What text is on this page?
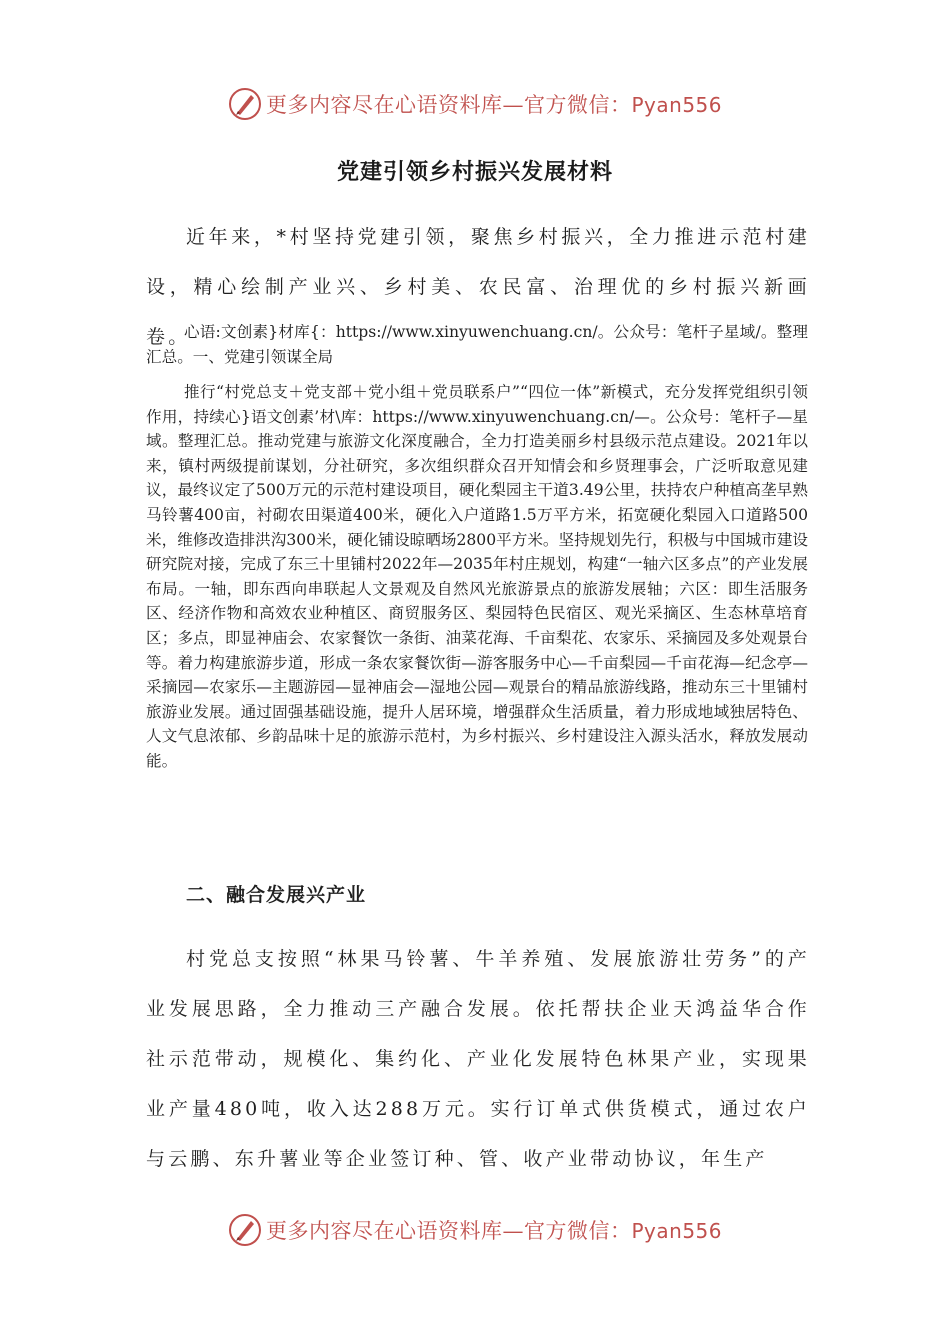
更多内容尽在心语资料库—官方微信：Pyan556
党建引领乡村振兴发展材料

近年来，*村坚持党建引领，聚焦乡村振兴，全力推进示范村建设，精心绘制产业兴、乡村美、农民富、治理优的乡村振兴新画卷。

心语:文创素}材库{：https://www.xinyuwenchuang.cn/。公众号：笔杆子星域/。整理汇总。一、党建引领谋全局

推行“村党总支＋党支部＋党小组＋党员联系户”“四位一体”新模式，充分发挥党组织引领作用，持续心}语文创素’材\库：https://www.xinyuwenchuang.cn/—。公众号：笔杆子—星域。整理汇总。推动党建与旅游文化深度融合，全力打造美丽乡村县级示范点建设。2021年以来，镇村两级提前谋划，分社研究，多次组织群众召开知情会和乡贤理事会，广泛听取意见建议，最终议定了500万元的示范村建设项目，硬化梨园主干道3.49公里，扶持农户种植高垄早熟马铃薯400亩，衬砌农田渠道400米，硬化入户道路1.5万平方米，拓宽硬化梨园入口道路500米，维修改造排洪沟300米，硬化铺设晾晒场2800平方米。坚持规划先行，积极与中国城市建设研究院对接，完成了东三十里铺村2022年—2035年村庄规划，构建“一轴六区多点”的产业发展布局。一轴，即东西向串联起人文景观及自然风光旅游景点的旅游发展轴；六区：即生活服务区、经济作物和高效农业种植区、商贸服务区、梨园特色民宿区、观光采摘区、生态林草培育区；多点，即显神庙会、农家餐饮一条街、油菜花海、千亩梨花、农家乐、采摘园及多处观景台等。着力构建旅游步道，形成一条农家餐饮街—游客服务中心—千亩梨园—千亩花海—纪念亭—采摘园—农家乐—主题游园—显神庙会—湿地公园—观景台的精品旅游线路，推动东三十里铺村旅游业发展。通过固强基础设施，提升人居环境，增强群众生活质量，着力形成地域独居特色、人文气息浓郁、乡韵品味十足的旅游示范村，为乡村振兴、乡村建设注入源头活水，释放发展动能。

二、融合发展兴产业

村党总支按照“林果马铃薯、牛羊养殖、发展旅游壮劳务”的产业发展思路，全力推动三产融合发展。依托帮扶企业天鸿益华合作社示范带动，规模化、集约化、产业化发展特色林果产业，实现果业产量480吨，收入达288万元。实行订单式供货模式，通过农户与云鹏、东升薯业等企业签订种、管、收产业带动协议，年生产

更多内容尽在心语资料库—官方微信：Pyan556
